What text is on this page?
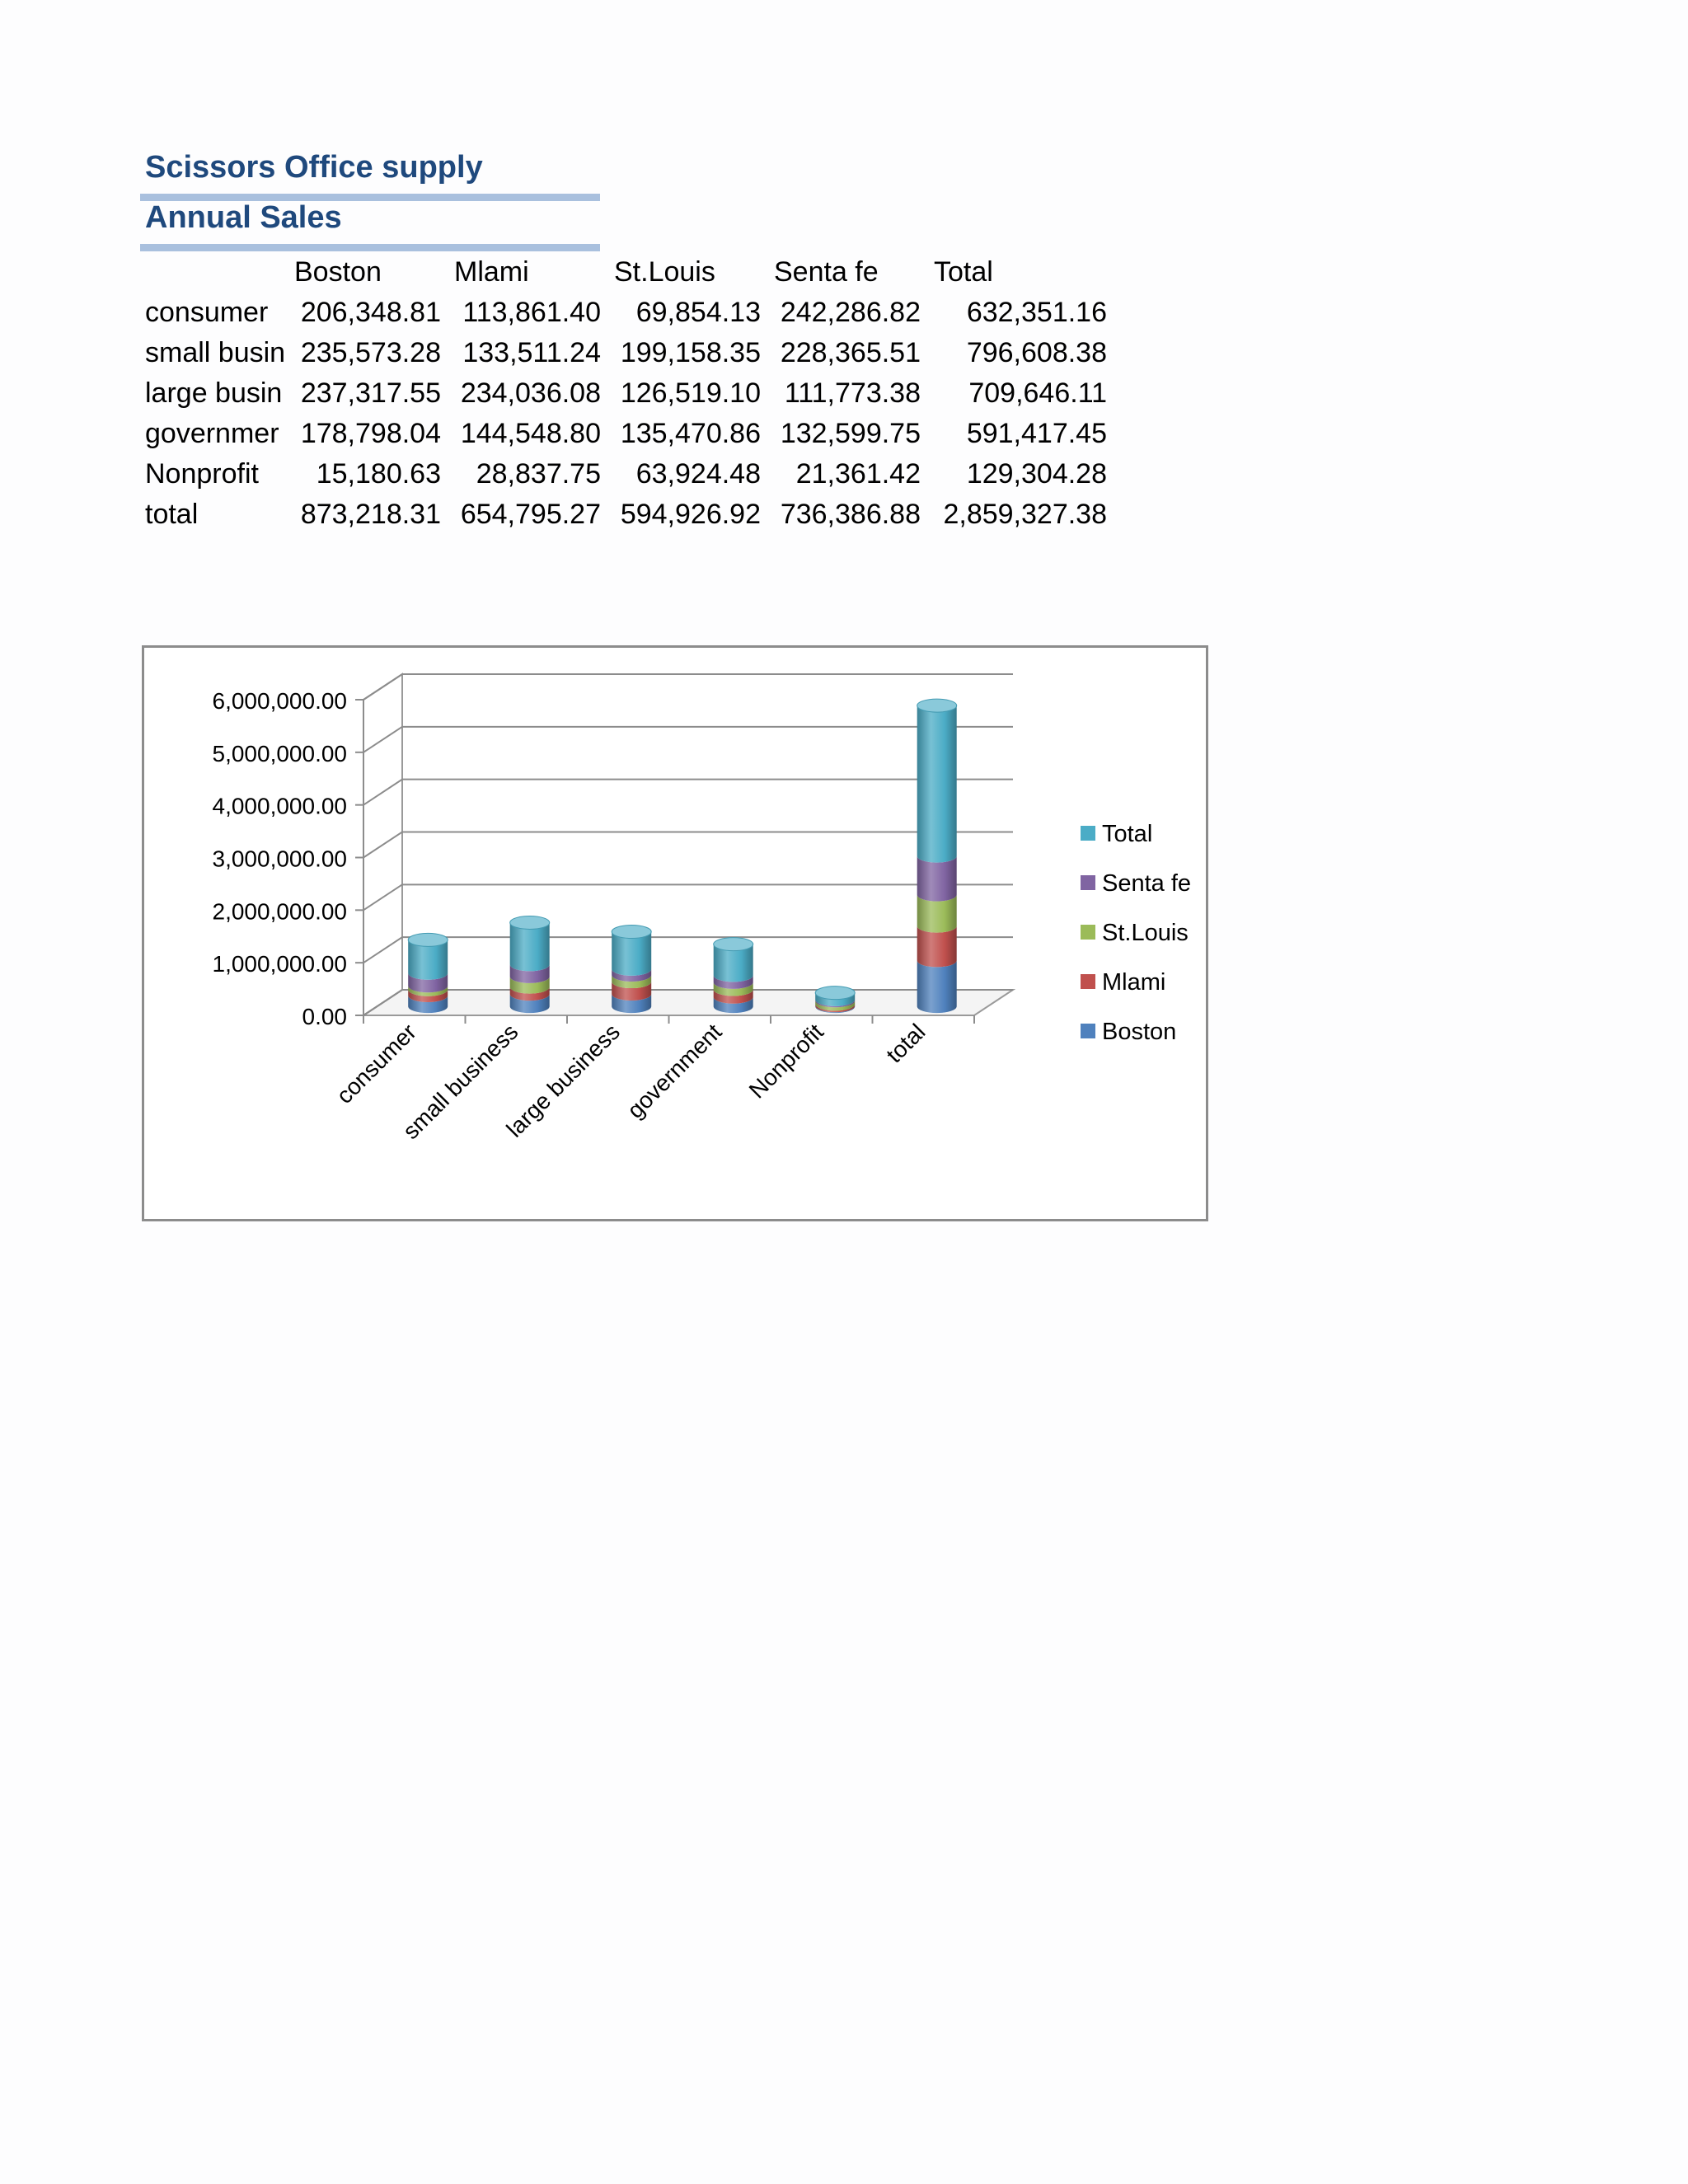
Scissors Office supply
Annual Sales
	Boston	Mlami	St.Louis	Senta fe	Total
consumer	206,348.81	113,861.40	69,854.13	242,286.82	632,351.16
small busin	235,573.28	133,511.24	199,158.35	228,365.51	796,608.38
large busin	237,317.55	234,036.08	126,519.10	111,773.38	709,646.11
governmer	178,798.04	144,548.80	135,470.86	132,599.75	591,417.45
Nonprofit	15,180.63	28,837.75	63,924.48	21,361.42	129,304.28
total	873,218.31	654,795.27	594,926.92	736,386.88	2,859,327.38
0.00
1,000,000.00
2,000,000.00
3,000,000.00
4,000,000.00
5,000,000.00
6,000,000.00
consumer
small business
large business
government Nonprofit total
Total
Senta fe
St.Louis
Mlami
Boston
